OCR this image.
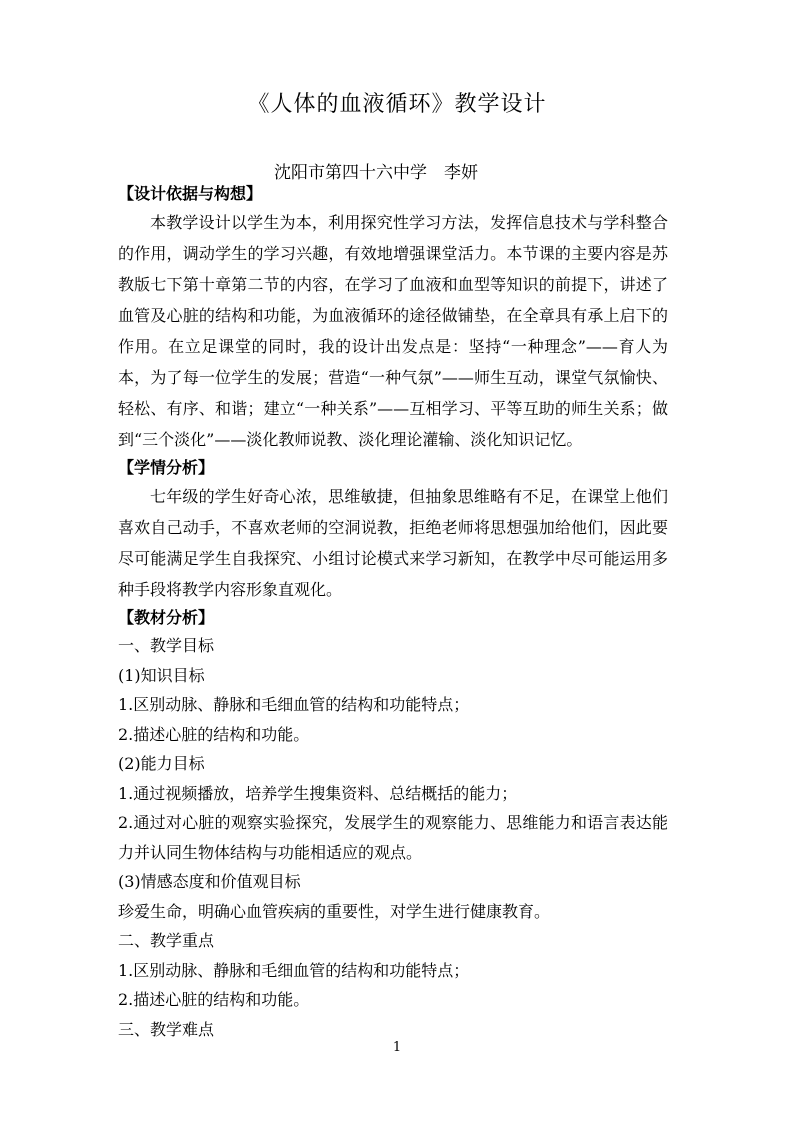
《人体的血液循环》教学设计
沈阳市第四十六中学　李妍
【设计依据与构想】

本教学设计以学生为本，利用探究性学习方法，发挥信息技术与学科整合的作用，调动学生的学习兴趣，有效地增强课堂活力。本节课的主要内容是苏教版七下第十章第二节的内容，在学习了血液和血型等知识的前提下，讲述了血管及心脏的结构和功能，为血液循环的途径做铺垫，在全章具有承上启下的作用。在立足课堂的同时，我的设计出发点是：坚持“一种理念”——育人为本，为了每一位学生的发展；营造“一种气氛”——师生互动，课堂气氛愉快、轻松、有序、和谐；建立“一种关系”——互相学习、平等互助的师生关系；做到“三个淡化”——淡化教师说教、淡化理论灌输、淡化知识记忆。

【学情分析】

七年级的学生好奇心浓，思维敏捷，但抽象思维略有不足，在课堂上他们喜欢自己动手，不喜欢老师的空洞说教，拒绝老师将思想强加给他们，因此要尽可能满足学生自我探究、小组讨论模式来学习新知，在教学中尽可能运用多种手段将教学内容形象直观化。

【教材分析】
一、教学目标
(1)知识目标
1.区别动脉、静脉和毛细血管的结构和功能特点；
2.描述心脏的结构和功能。
(2)能力目标
1.通过视频播放，培养学生搜集资料、总结概括的能力；

2.通过对心脏的观察实验探究，发展学生的观察能力、思维能力和语言表达能力并认同生物体结构与功能相适应的观点。

(3)情感态度和价值观目标
珍爱生命，明确心血管疾病的重要性，对学生进行健康教育。
二、教学重点
1.区别动脉、静脉和毛细血管的结构和功能特点；
2.描述心脏的结构和功能。
三、教学难点
1
